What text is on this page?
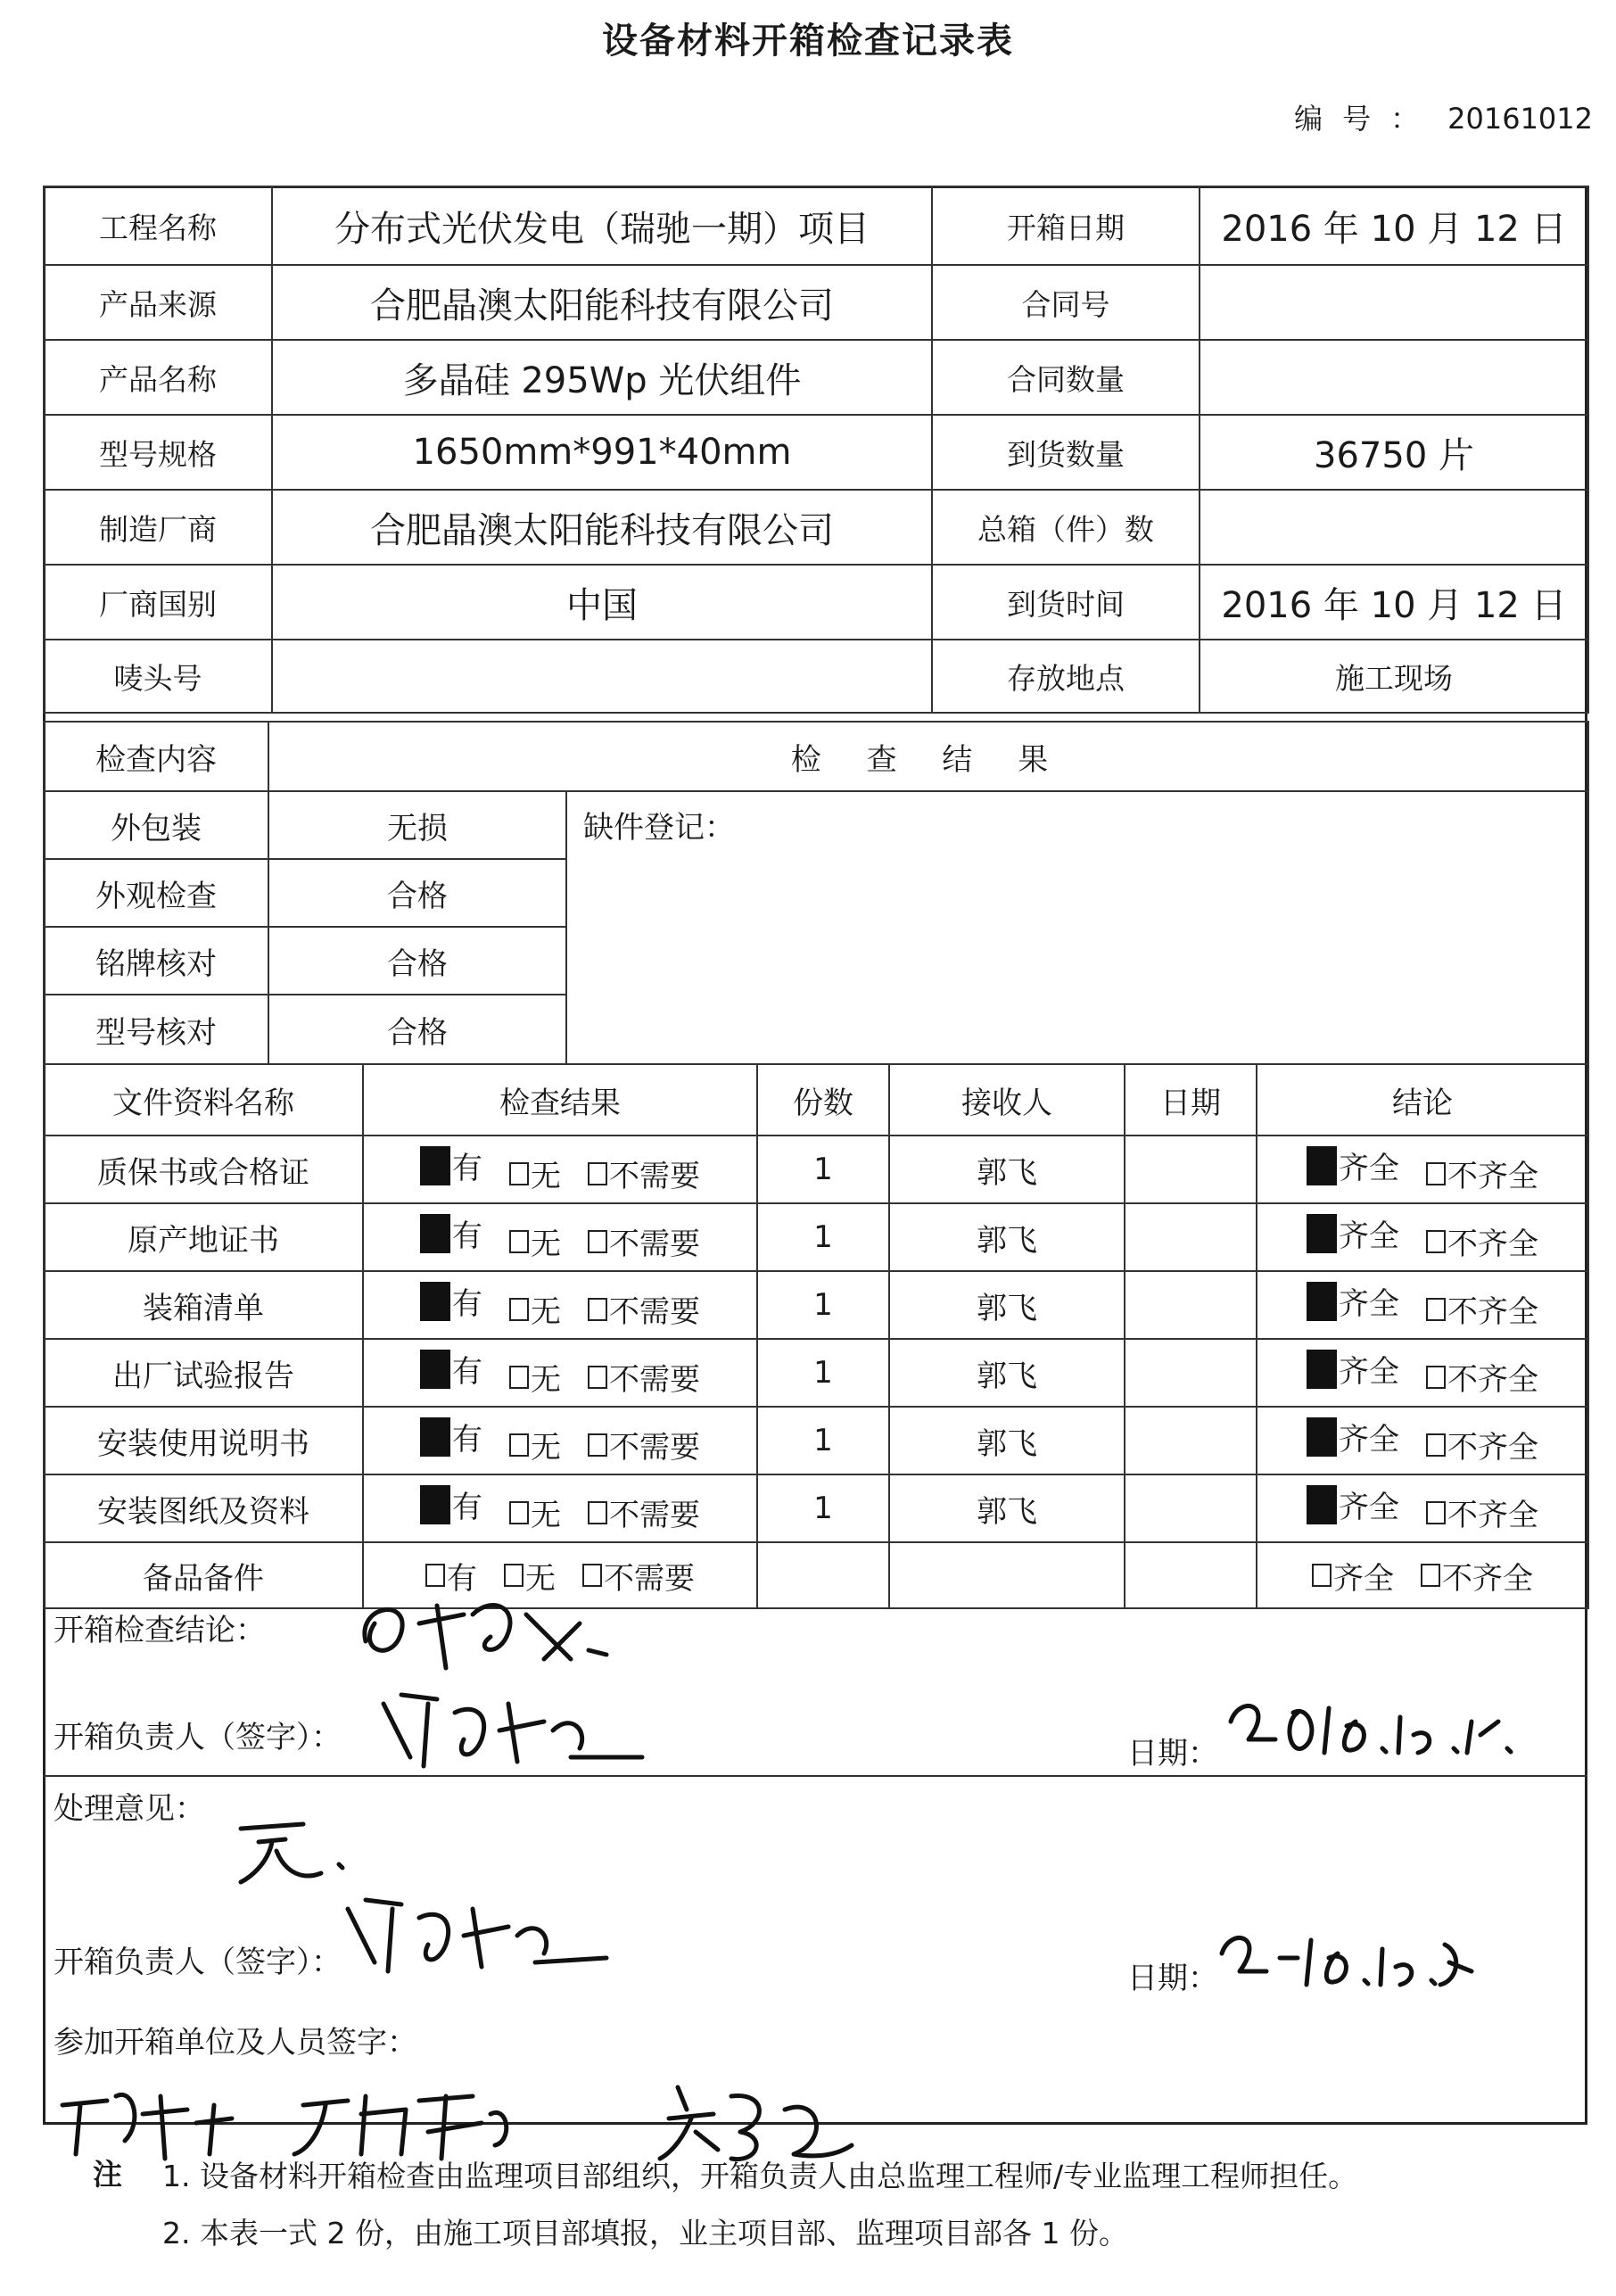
设备材料开箱检查记录表
编号： 20161012
工程名称	分布式光伏发电（瑞驰一期）项目	开箱日期	2016 年 10 月 12 日
产品来源	合肥晶澳太阳能科技有限公司	合同号	
产品名称	多晶硅 295Wp 光伏组件	合同数量	
型号规格	1650mm*991*40mm	到货数量	36750 片
制造厂商	合肥晶澳太阳能科技有限公司	总箱（件）数	
厂商国别	中国	到货时间	2016 年 10 月 12 日
唛头号		存放地点	施工现场
检查内容	检 查 结 果	
外包装	无损	缺件登记：
外观检查	合格	
铭牌核对	合格	
型号核对	合格	
文件资料名称	检查结果	份数	接收人	日期	结论
质保书或合格证	有 无 不需要	1	郭飞		齐全 不齐全

原产地证书	有 无 不需要	1	郭飞		齐全 不齐全

装箱清单	有 无 不需要	1	郭飞		齐全 不齐全

出厂试验报告	有 无 不需要	1	郭飞		齐全 不齐全

安装使用说明书	有 无 不需要	1	郭飞		齐全 不齐全

安装图纸及资料	有 无 不需要	1	郭飞		齐全 不齐全

备品备件	有 无 不需要				齐全 不齐全
开箱检查结论：
开箱负责人（签字）：	日期：
处理意见：
开箱负责人（签字）：	日期：
参加开箱单位及人员签字：
注 1. 设备材料开箱检查由监理项目部组织，开箱负责人由总监理工程师/专业监理工程师担任。
2. 本表一式 2 份，由施工项目部填报，业主项目部、监理项目部各 1 份。
